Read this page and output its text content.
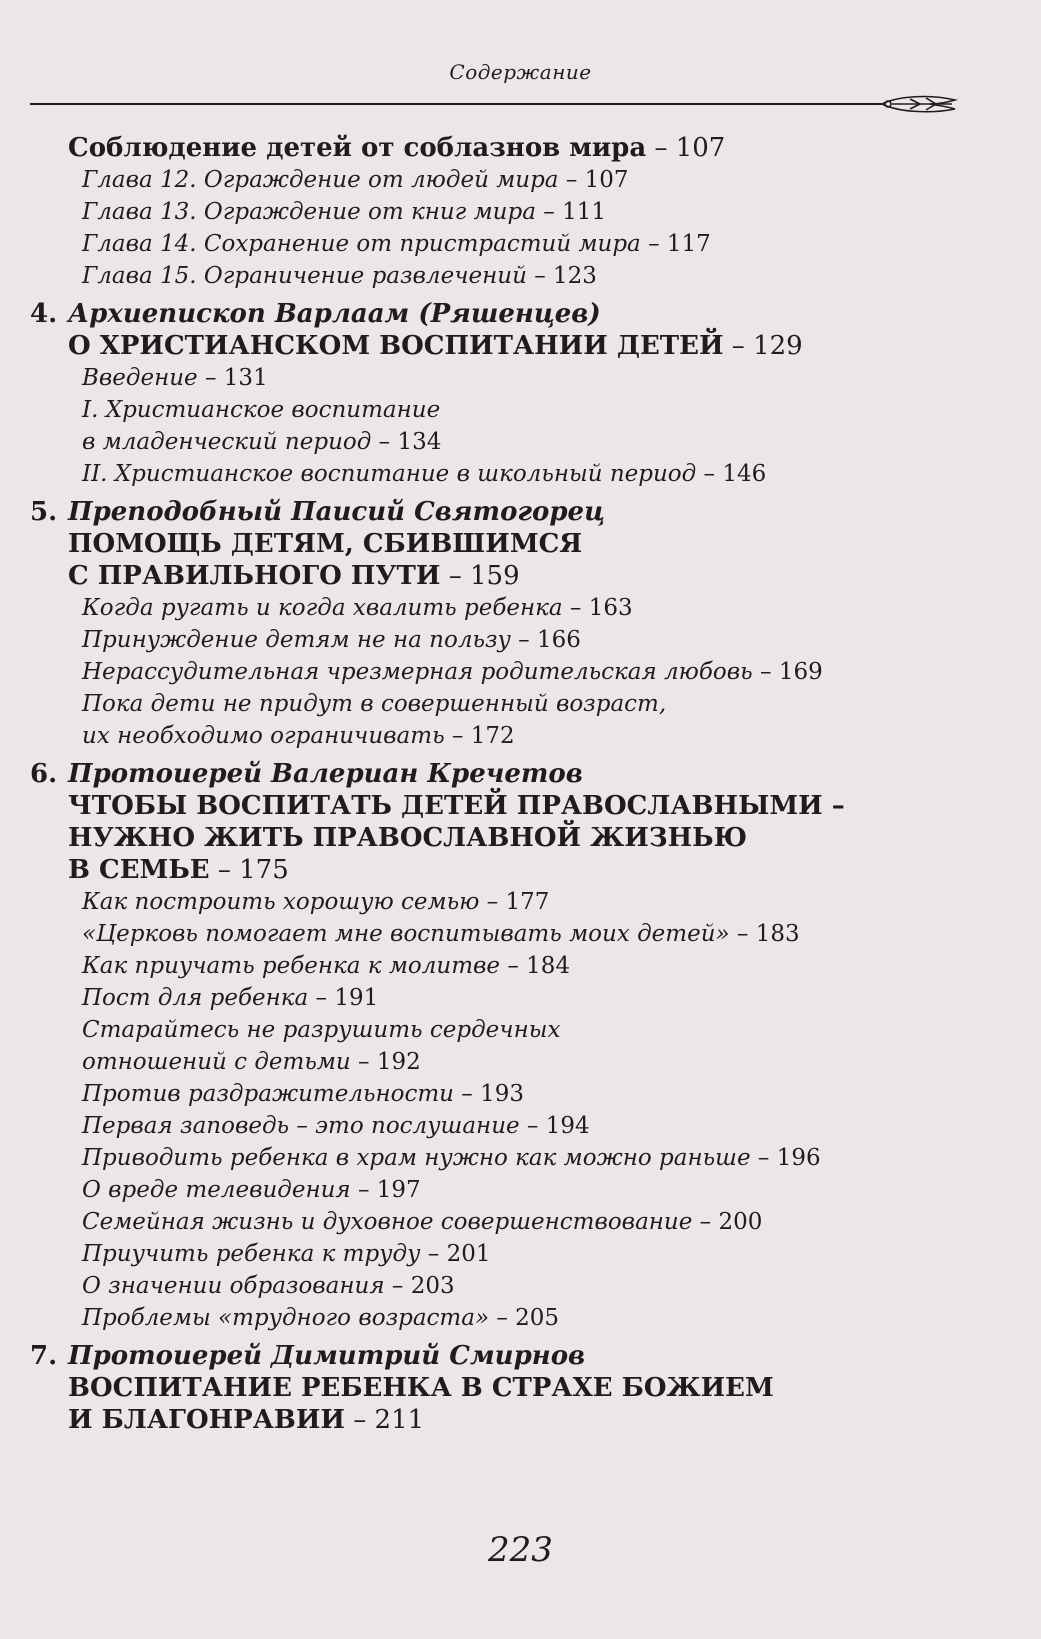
Содержание
Соблюдение детей от соблазнов мира – 107
Глава 12. Ограждение от людей мира – 107
Глава 13. Ограждение от книг мира – 111
Глава 14. Сохранение от пристрастий мира – 117
Глава 15. Ограничение развлечений – 123
4. Архиепископ Варлаам (Ряшенцев)
О ХРИСТИАНСКОМ ВОСПИТАНИИ ДЕТЕЙ – 129
Введение – 131
I. Христианское воспитание
в младенческий период – 134
II. Христианское воспитание в школьный период – 146
5. Преподобный Паисий Святогорец
ПОМОЩЬ ДЕТЯМ, СБИВШИМСЯ
С ПРАВИЛЬНОГО ПУТИ – 159
Когда ругать и когда хвалить ребенка – 163
Принуждение детям не на пользу – 166
Нерассудительная чрезмерная родительская любовь – 169
Пока дети не придут в совершенный возраст,
их необходимо ограничивать – 172
6. Протоиерей Валериан Кречетов
ЧТОБЫ ВОСПИТАТЬ ДЕТЕЙ ПРАВОСЛАВНЫМИ –
НУЖНО ЖИТЬ ПРАВОСЛАВНОЙ ЖИЗНЬЮ
В СЕМЬЕ – 175
Как построить хорошую семью – 177
«Церковь помогает мне воспитывать моих детей» – 183
Как приучать ребенка к молитве – 184
Пост для ребенка – 191
Старайтесь не разрушить сердечных
отношений с детьми – 192
Против раздражительности – 193
Первая заповедь – это послушание – 194
Приводить ребенка в храм нужно как можно раньше – 196
О вреде телевидения – 197
Семейная жизнь и духовное совершенствование – 200
Приучить ребенка к труду – 201
О значении образования – 203
Проблемы «трудного возраста» – 205
7. Протоиерей Димитрий Смирнов
ВОСПИТАНИЕ РЕБЕНКА В СТРАХЕ БОЖИЕМ
И БЛАГОНРАВИИ – 211
223
